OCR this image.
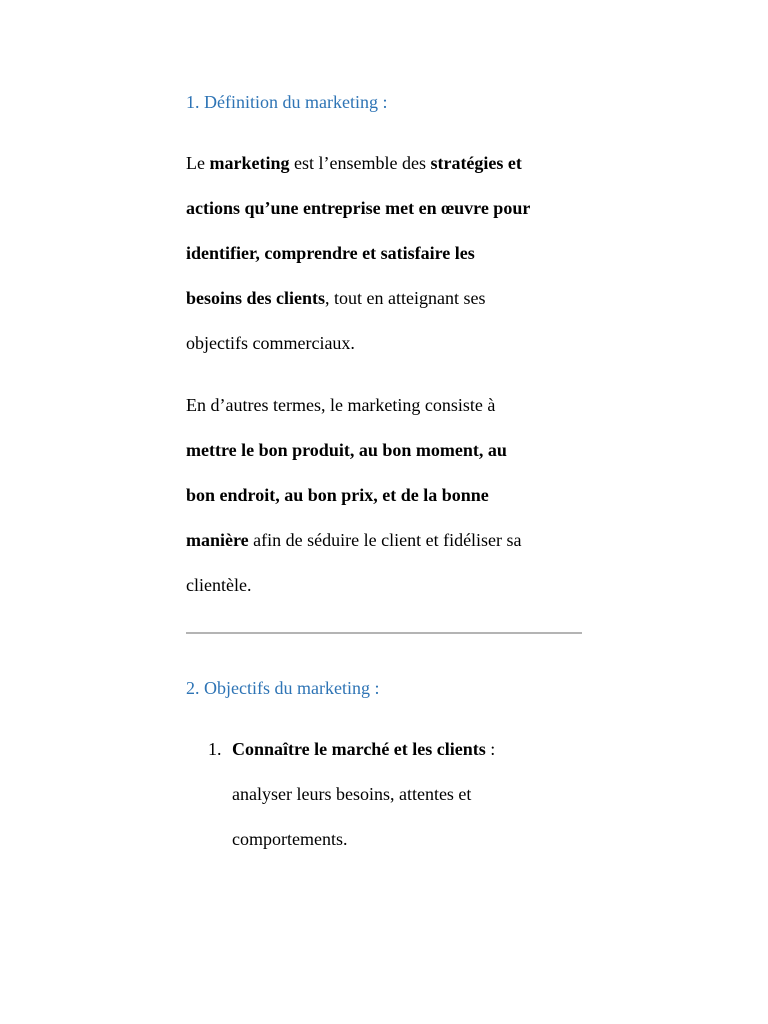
1. Définition du marketing :
Le marketing est l’ensemble des stratégies et
actions qu’une entreprise met en œuvre pour
identifier, comprendre et satisfaire les
besoins des clients, tout en atteignant ses
objectifs commerciaux.
En d’autres termes, le marketing consiste à
mettre le bon produit, au bon moment, au
bon endroit, au bon prix, et de la bonne
manière afin de séduire le client et fidéliser sa
clientèle.
2. Objectifs du marketing :
1. Connaître le marché et les clients :
analyser leurs besoins, attentes et
comportements.
